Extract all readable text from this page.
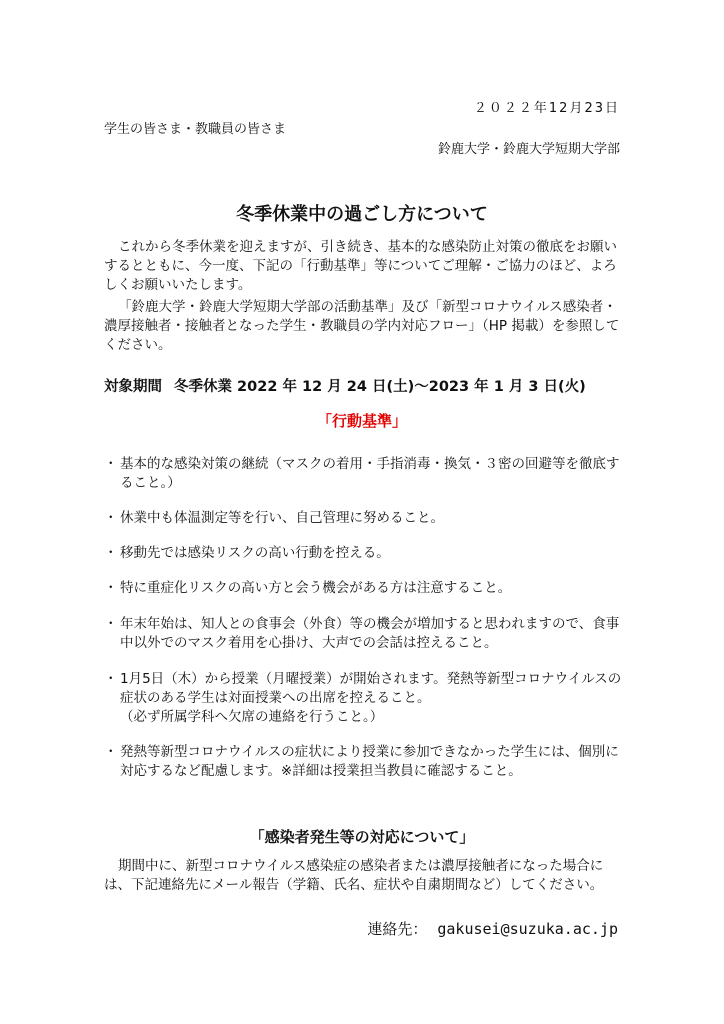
２０２２年12月23日
学生の皆さま・教職員の皆さま
鈴鹿大学・鈴鹿大学短期大学部
冬季休業中の過ごし方について
これから冬季休業を迎えますが、引き続き、基本的な感染防止対策の徹底をお願いするとともに、今一度、下記の「行動基準」等についてご理解・ご協力のほど、よろしくお願いいたします。
「鈴鹿大学・鈴鹿大学短期大学部の活動基準」及び「新型コロナウイルス感染者・濃厚接触者・接触者となった学生・教職員の学内対応フロー」（HP 掲載）を参照してください。
対象期間 冬季休業 2022 年 12 月 24 日(土)～2023 年 1 月 3 日(火)
「行動基準」
・ 基本的な感染対策の継続（マスクの着用・手指消毒・換気・３密の回避等を徹底すること。）
・ 休業中も体温測定等を行い、自己管理に努めること。
・ 移動先では感染リスクの高い行動を控える。
・ 特に重症化リスクの高い方と会う機会がある方は注意すること。
・ 年末年始は、知人との食事会（外食）等の機会が増加すると思われますので、食事中以外でのマスク着用を心掛け、大声での会話は控えること。
・ 1月5日（木）から授業（月曜授業）が開始されます。発熱等新型コロナウイルスの症状のある学生は対面授業への出席を控えること。
（必ず所属学科へ欠席の連絡を行うこと。）
・ 発熱等新型コロナウイルスの症状により授業に参加できなかった学生には、個別に対応するなど配慮します。※詳細は授業担当教員に確認すること。
「感染者発生等の対応について」
期間中に、新型コロナウイルス感染症の感染者または濃厚接触者になった場合には、下記連絡先にメール報告（学籍、氏名、症状や自粛期間など）してください。
連絡先： gakusei@suzuka.ac.jp
